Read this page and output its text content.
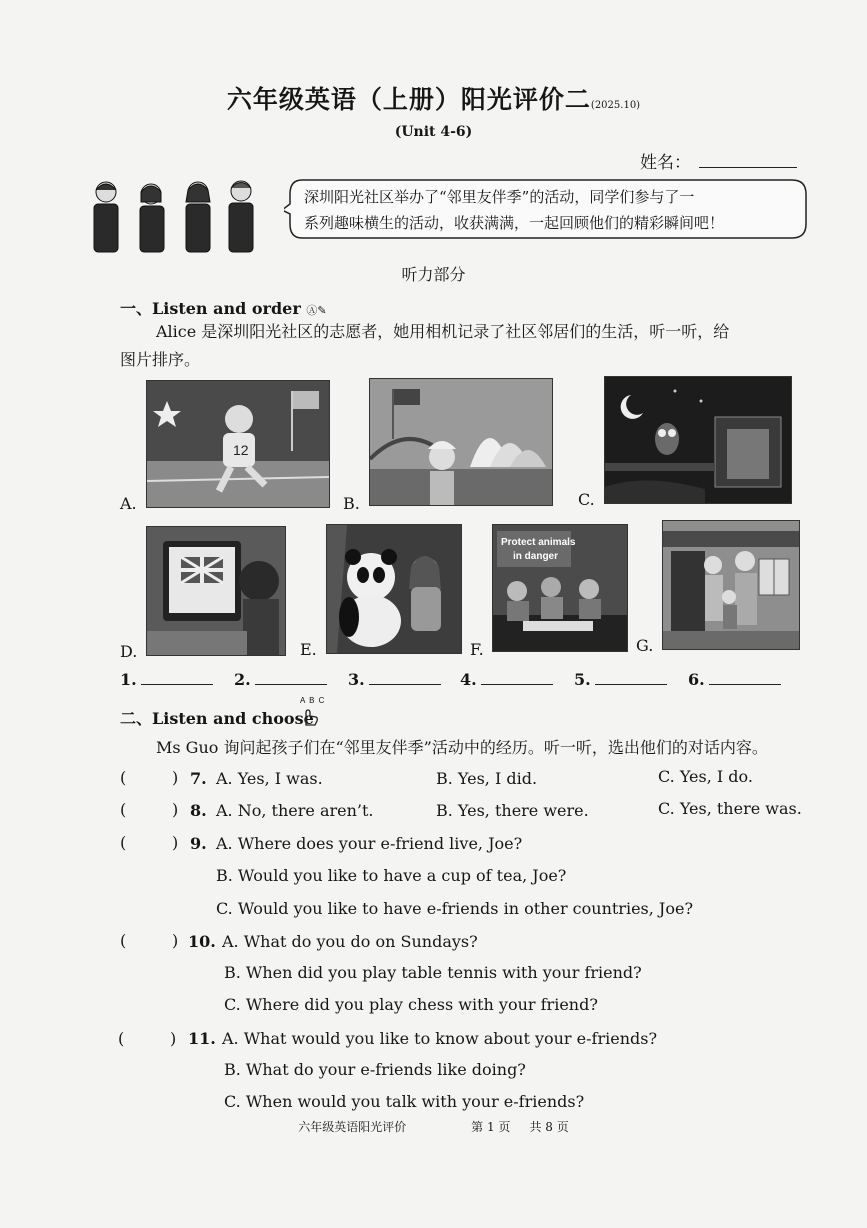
六年级英语（上册）阳光评价二(2025.10)
(Unit 4-6)
姓名：
深圳阳光社区举办了“邻里友伴季”的活动，同学们参与了一
系列趣味横生的活动，收获满满，一起回顾他们的精彩瞬间吧！
听力部分
一、Listen and order Ⓐ✎
Alice 是深圳阳光社区的志愿者，她用相机记录了社区邻居们的生活，听一听，给
图片排序。
A.
12
B.	C.
D.	E.	F.
Protect animals
in danger
G.
1.	2.	3.	4.	5.	6.
二、Listen and choose
A B C
Ms Guo 询问起孩子们在“邻里友伴季”活动中的经历。听一听，选出他们的对话内容。
(         ) 7. A. Yes, I was.	B. Yes, I did.	C. Yes, I do.
(         ) 8. A. No, there aren’t.	B. Yes, there were.	C. Yes, there was.
(         ) 9. A. Where does your e-friend live, Joe?
B. Would you like to have a cup of tea, Joe?
C. Would you like to have e-friends in other countries, Joe?
(         ) 10. A. What do you do on Sundays?
B. When did you play table tennis with your friend?
C. Where did you play chess with your friend?
(         ) 11. A. What would you like to know about your e-friends?
B. What do your e-friends like doing?
C. When would you talk with your e-friends?
六年级英语阳光评价	第 1 页 共 8 页
